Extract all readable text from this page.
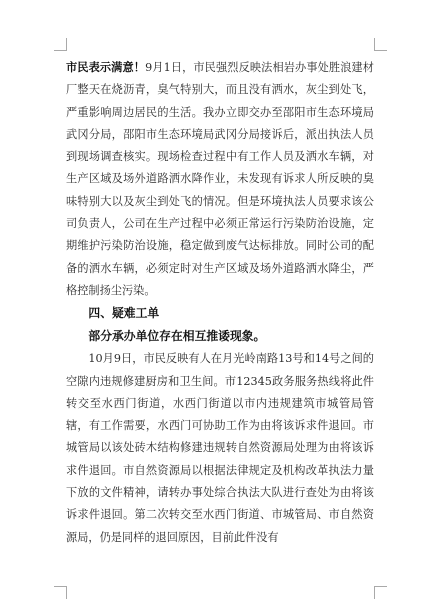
市民表示满意！9月1日，市民强烈反映法相岩办事处胜浪建材厂整天在烧沥青，臭气特别大，而且没有洒水，灰尘到处飞，严重影响周边居民的生活。我办立即交办至邵阳市生态环境局武冈分局，邵阳市生态环境局武冈分局接诉后，派出执法人员到现场调查核实。现场检查过程中有工作人员及洒水车辆，对生产区域及场外道路洒水降作业，未发现有诉求人所反映的臭味特别大以及灰尘到处飞的情况。但是环境执法人员要求该公司负责人，公司在生产过程中必须正常运行污染防治设施，定期维护污染防治设施，稳定做到废气达标排放。同时公司的配备的洒水车辆，必须定时对生产区域及场外道路洒水降尘，严格控制扬尘污染。

四、疑难工单

部分承办单位存在相互推诿现象。

10月9日，市民反映有人在月光岭南路13号和14号之间的空隙内违规修建厨房和卫生间。市12345政务服务热线将此件转交至水西门街道，水西门街道以市内违规建筑市城管局管辖，有工作需要，水西门可协助工作为由将该诉求件退回。市城管局以该处砖木结构修建违规转自然资源局处理为由将该诉求件退回。市自然资源局以根据法律规定及机构改革执法力量下放的文件精神，请转办事处综合执法大队进行查处为由将该诉求件退回。第二次转交至水西门街道、市城管局、市自然资源局，仍是同样的退回原因，目前此件没有
